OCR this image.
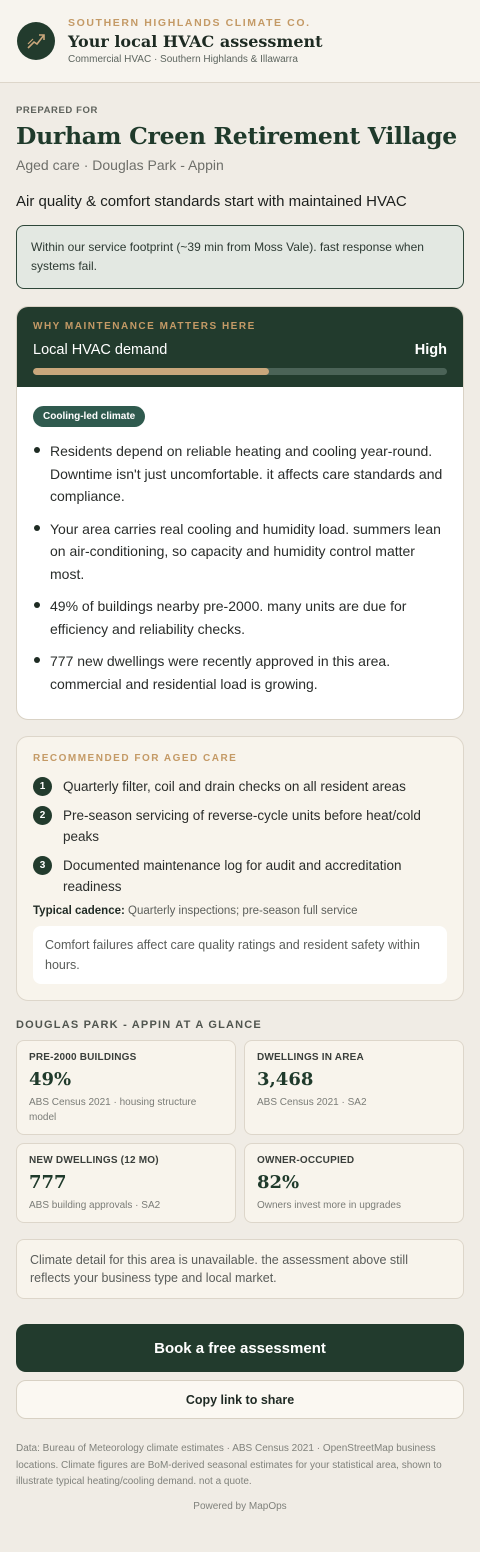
SOUTHERN HIGHLANDS CLIMATE CO.
Your local HVAC assessment
Commercial HVAC · Southern Highlands & Illawarra
PREPARED FOR
Durham Creen Retirement Village
Aged care · Douglas Park - Appin
Air quality & comfort standards start with maintained HVAC
Within our service footprint (~39 min from Moss Vale). fast response when systems fail.
WHY MAINTENANCE MATTERS HERE
Local HVAC demand	High
Cooling-led climate
Residents depend on reliable heating and cooling year-round. Downtime isn't just uncomfortable. it affects care standards and compliance.
Your area carries real cooling and humidity load. summers lean on air-conditioning, so capacity and humidity control matter most.
49% of buildings nearby pre-2000. many units are due for efficiency and reliability checks.
777 new dwellings were recently approved in this area. commercial and residential load is growing.
RECOMMENDED FOR AGED CARE
1	Quarterly filter, coil and drain checks on all resident areas
2	Pre-season servicing of reverse-cycle units before heat/cold peaks
3	Documented maintenance log for audit and accreditation readiness
Typical cadence: Quarterly inspections; pre-season full service
Comfort failures affect care quality ratings and resident safety within hours.
DOUGLAS PARK - APPIN AT A GLANCE
PRE-2000 BUILDINGS
49%
ABS Census 2021 · housing structure model
DWELLINGS IN AREA
3,468
ABS Census 2021 · SA2
NEW DWELLINGS (12 MO)
777
ABS building approvals · SA2
OWNER-OCCUPIED
82%
Owners invest more in upgrades
Climate detail for this area is unavailable. the assessment above still reflects your business type and local market.
Book a free assessment
Copy link to share
Data: Bureau of Meteorology climate estimates · ABS Census 2021 · OpenStreetMap business locations. Climate figures are BoM-derived seasonal estimates for your statistical area, shown to illustrate typical heating/cooling demand. not a quote.
Powered by MapOps
